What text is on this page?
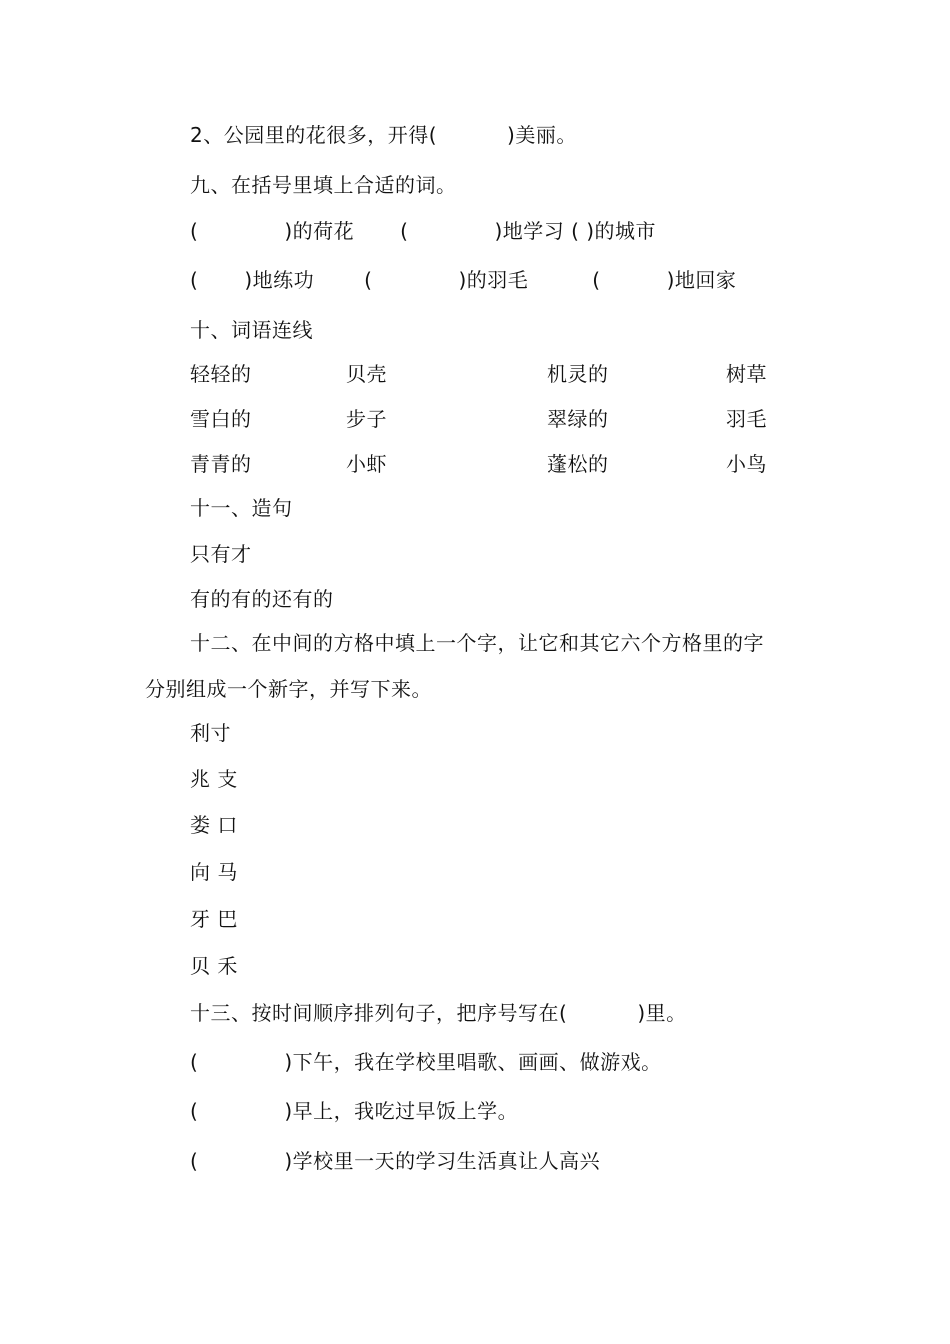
2、公园里的花很多，开得(	)美丽。
九、在括号里填上合适的词。
(	)的荷花 (	)地学习 ( )的城市
( )地练功	(	)的羽毛	(	)地回家
十、词语连线
轻轻的	贝壳	机灵的	树草
雪白的	步子	翠绿的	羽毛
青青的	小虾	蓬松的	小鸟
十一、造句
只有才
有的有的还有的
十二、在中间的方格中填上一个字，让它和其它六个方格里的字
分别组成一个新字，并写下来。
利寸
兆 支
娄 口
向 马
牙 巴
贝 禾
十三、按时间顺序排列句子，把序号写在(	)里。
(	)下午，我在学校里唱歌、画画、做游戏。
(	)早上，我吃过早饭上学。
(	)学校里一天的学习生活真让人高兴
